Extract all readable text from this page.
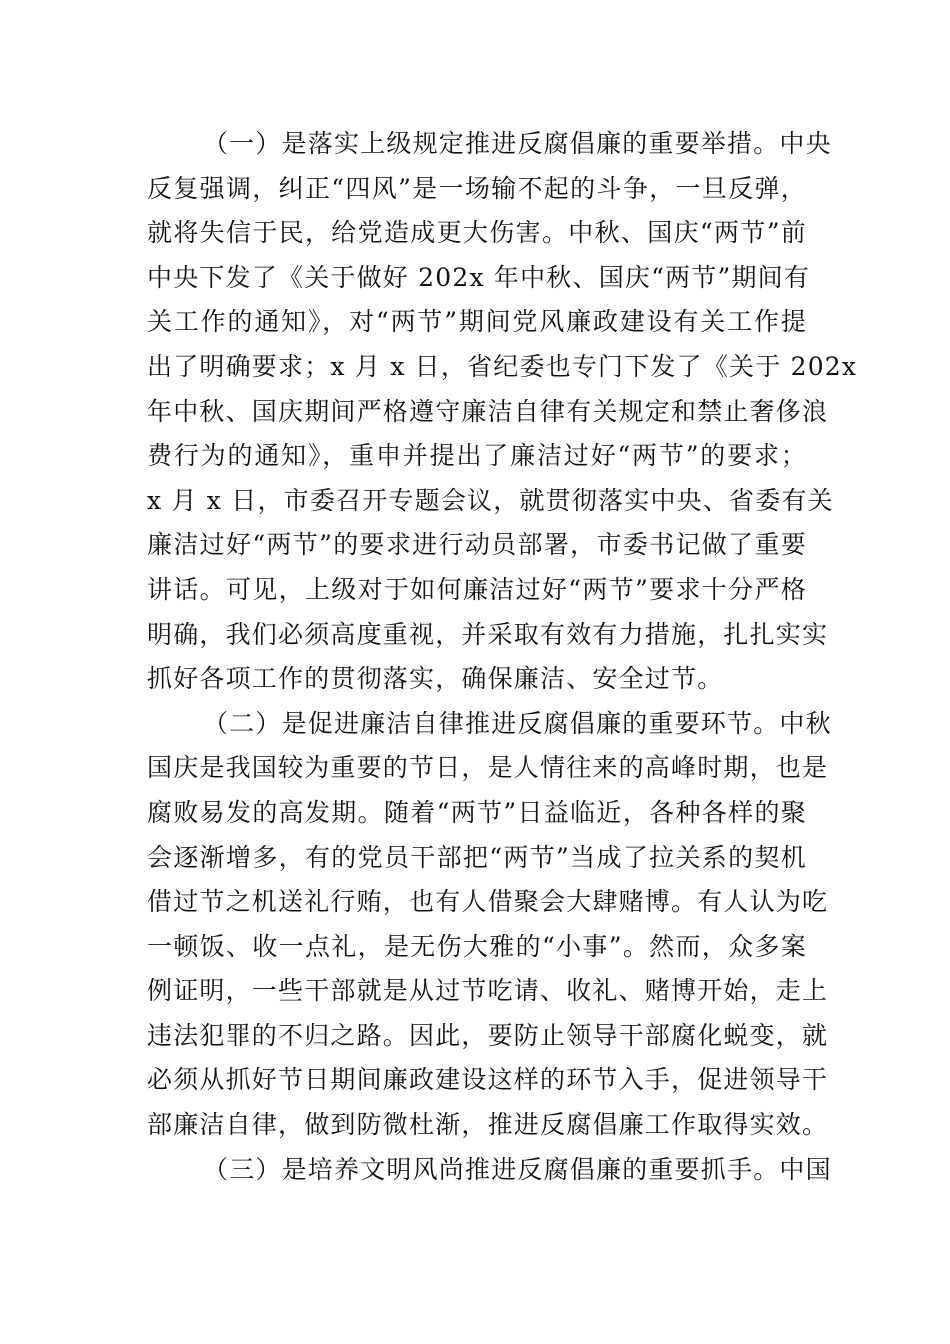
（一）是落实上级规定推进反腐倡廉的重要举措。中央
反复强调，纠正“四风”是一场输不起的斗争，一旦反弹，
就将失信于民，给党造成更大伤害。中秋、国庆“两节”前
中央下发了《关于做好 202x 年中秋、国庆“两节”期间有
关工作的通知》，对“两节”期间党风廉政建设有关工作提
出了明确要求；x 月 x 日，省纪委也专门下发了《关于 202x
年中秋、国庆期间严格遵守廉洁自律有关规定和禁止奢侈浪
费行为的通知》，重申并提出了廉洁过好“两节”的要求；
x 月 x 日，市委召开专题会议，就贯彻落实中央、省委有关
廉洁过好“两节”的要求进行动员部署，市委书记做了重要
讲话。可见，上级对于如何廉洁过好“两节”要求十分严格
明确，我们必须高度重视，并采取有效有力措施，扎扎实实
抓好各项工作的贯彻落实，确保廉洁、安全过节。
（二）是促进廉洁自律推进反腐倡廉的重要环节。中秋
国庆是我国较为重要的节日，是人情往来的高峰时期，也是
腐败易发的高发期。随着“两节”日益临近，各种各样的聚
会逐渐增多，有的党员干部把“两节”当成了拉关系的契机
借过节之机送礼行贿，也有人借聚会大肆赌博。有人认为吃
一顿饭、收一点礼，是无伤大雅的“小事”。然而，众多案
例证明，一些干部就是从过节吃请、收礼、赌博开始，走上
违法犯罪的不归之路。因此，要防止领导干部腐化蜕变，就
必须从抓好节日期间廉政建设这样的环节入手，促进领导干
部廉洁自律，做到防微杜渐，推进反腐倡廉工作取得实效。
（三）是培养文明风尚推进反腐倡廉的重要抓手。中国
